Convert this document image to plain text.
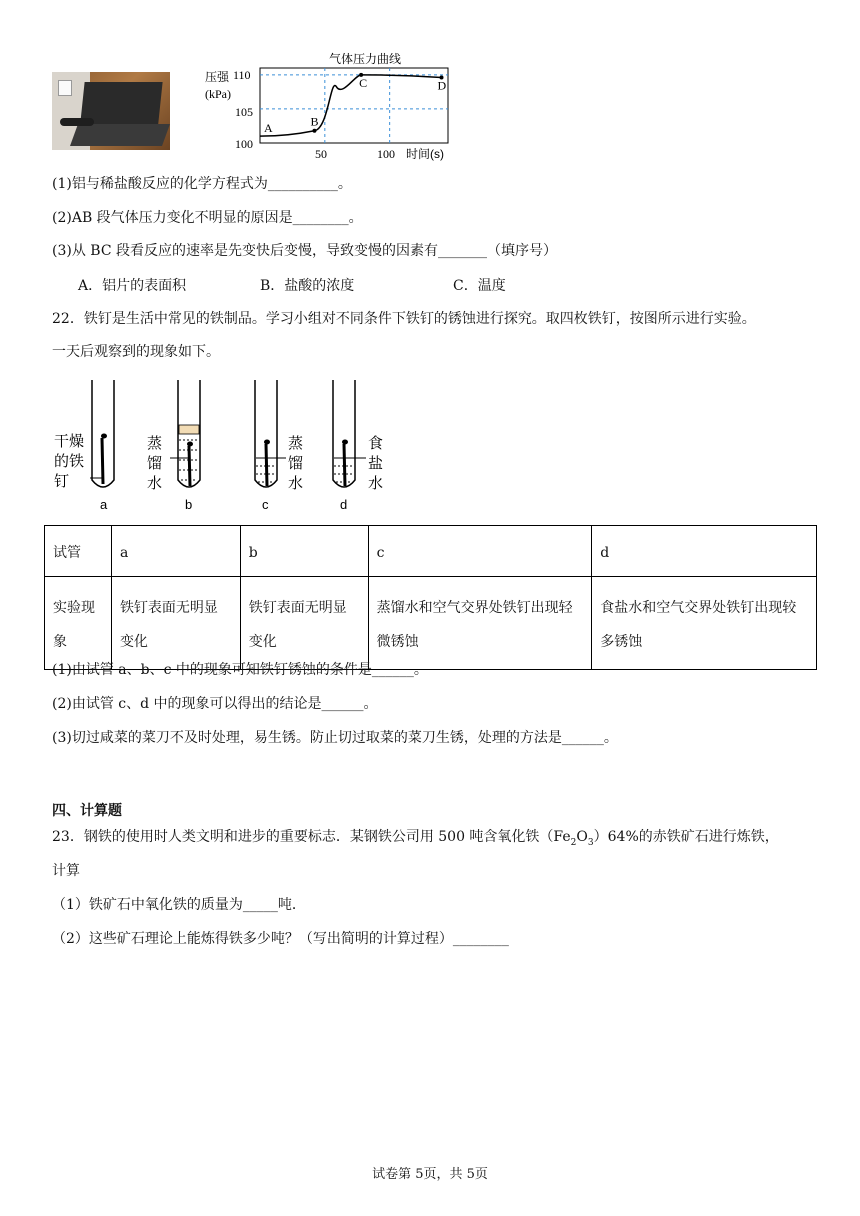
气体压力曲线
压强
(kPa)
110
105
100
50	100 时间(s)
A	B
C	D
(1)铝与稀盐酸反应的化学方程式为__________。
(2)AB 段气体压力变化不明显的原因是________。
(3)从 BC 段看反应的速率是先变快后变慢，导致变慢的因素有_______（填序号）
A．铝片的表面积	B．盐酸的浓度	C．温度
22．铁钉是生活中常见的铁制品。学习小组对不同条件下铁钉的锈蚀进行探究。取四枚铁钉，按图所示进行实验。
一天后观察到的现象如下。
干燥
的铁
钉
a
蒸
馏
水
b
蒸
馏
水
c
食
盐
水
d
试管	a	b	c	d
实验现象	铁钉表面无明显变化	铁钉表面无明显变化	蒸馏水和空气交界处铁钉出现轻微锈蚀	食盐水和空气交界处铁钉出现较多锈蚀
(1)由试管 a、b、c 中的现象可知铁钉锈蚀的条件是______。
(2)由试管 c、d 中的现象可以得出的结论是______。
(3)切过咸菜的菜刀不及时处理，易生锈。防止切过取菜的菜刀生锈，处理的方法是______。
四、计算题
23．钢铁的使用时人类文明和进步的重要标志．某钢铁公司用 500 吨含氧化铁$(Fe_2O_3)64\%$的赤铁矿石进行炼铁，
计算
（1）铁矿石中氧化铁的质量为_____吨．
（2）这些矿石理论上能炼得铁多少吨？（写出简明的计算过程）________
试卷第 5页，共 5页
